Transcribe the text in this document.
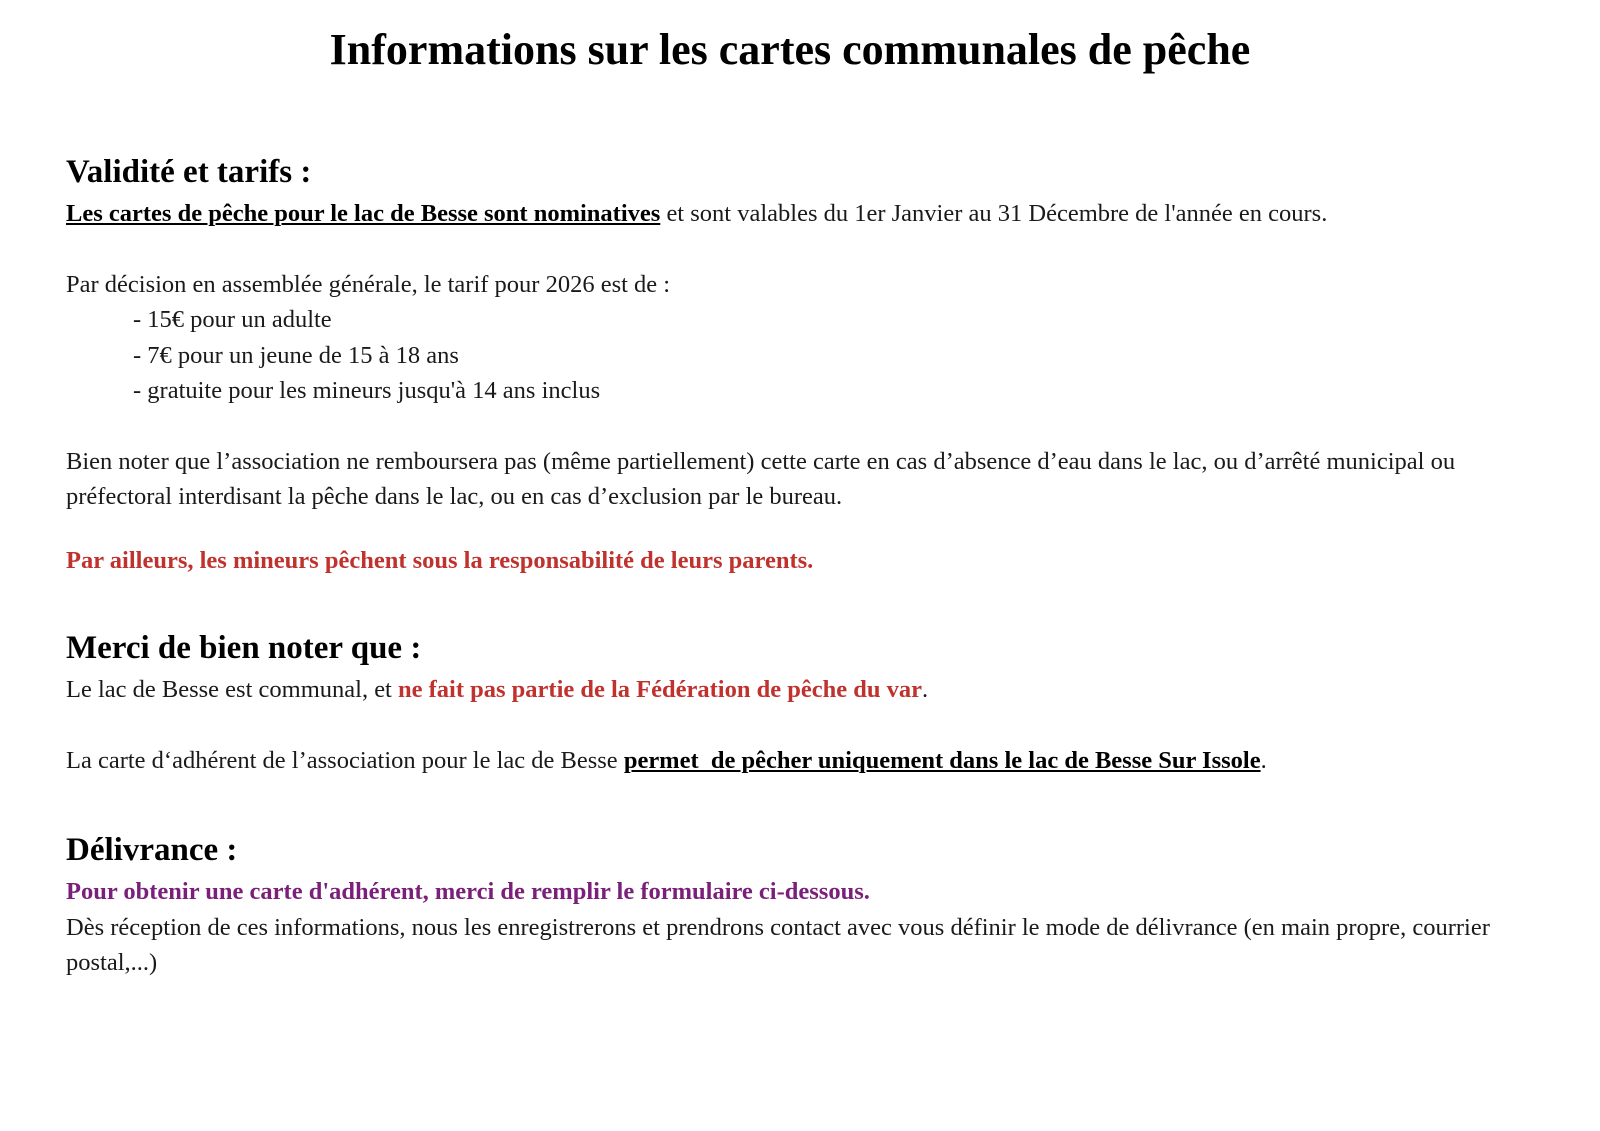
Informations sur les cartes communales de pêche
Validité et tarifs :

Les cartes de pêche pour le lac de Besse sont nominatives et sont valables du 1er Janvier au 31 Décembre de l'année en cours.

Par décision en assemblée générale, le tarif pour 2026 est de :

- 15€ pour un adulte
- 7€ pour un jeune de 15 à 18 ans
- gratuite pour les mineurs jusqu'à 14 ans inclus

Bien noter que l’association ne remboursera pas (même partiellement) cette carte en cas d’absence d’eau dans le lac, ou d’arrêté municipal ou préfectoral interdisant la pêche dans le lac, ou en cas d’exclusion par le bureau.

Par ailleurs, les mineurs pêchent sous la responsabilité de leurs parents.

Merci de bien noter que :

Le lac de Besse est communal, et ne fait pas partie de la Fédération de pêche du var.

La carte d‘adhérent de l’association pour le lac de Besse permet  de pêcher uniquement dans le lac de Besse Sur Issole.

Délivrance :

Pour obtenir une carte d'adhérent, merci de remplir le formulaire ci-dessous.

Dès réception de ces informations, nous les enregistrerons et prendrons contact avec vous définir le mode de délivrance (en main propre, courrier postal,...)
